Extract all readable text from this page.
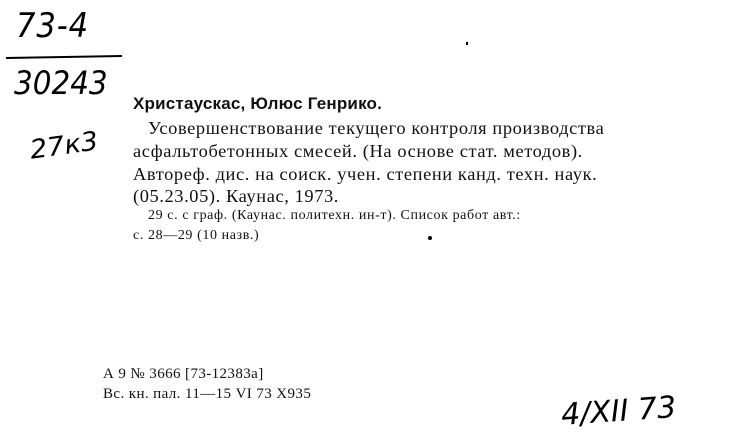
73-4
30243
27к3
Христаускас, Юлюс Генрико.
Усовершенствование текущего контроля производства
асфальтобетонных смесей. (На основе стат. методов).
Автореф. дис. на соиск. учен. степени канд. техн. наук.
(05.23.05). Каунас, 1973.
29 с. с граф. (Каунас. политехн. ин-т). Список работ авт.:
с. 28—29 (10 назв.)
А 9 № 3666 [73-12383а]
Вс. кн. пал. 11—15 VI 73 Х935	4/XII 73
